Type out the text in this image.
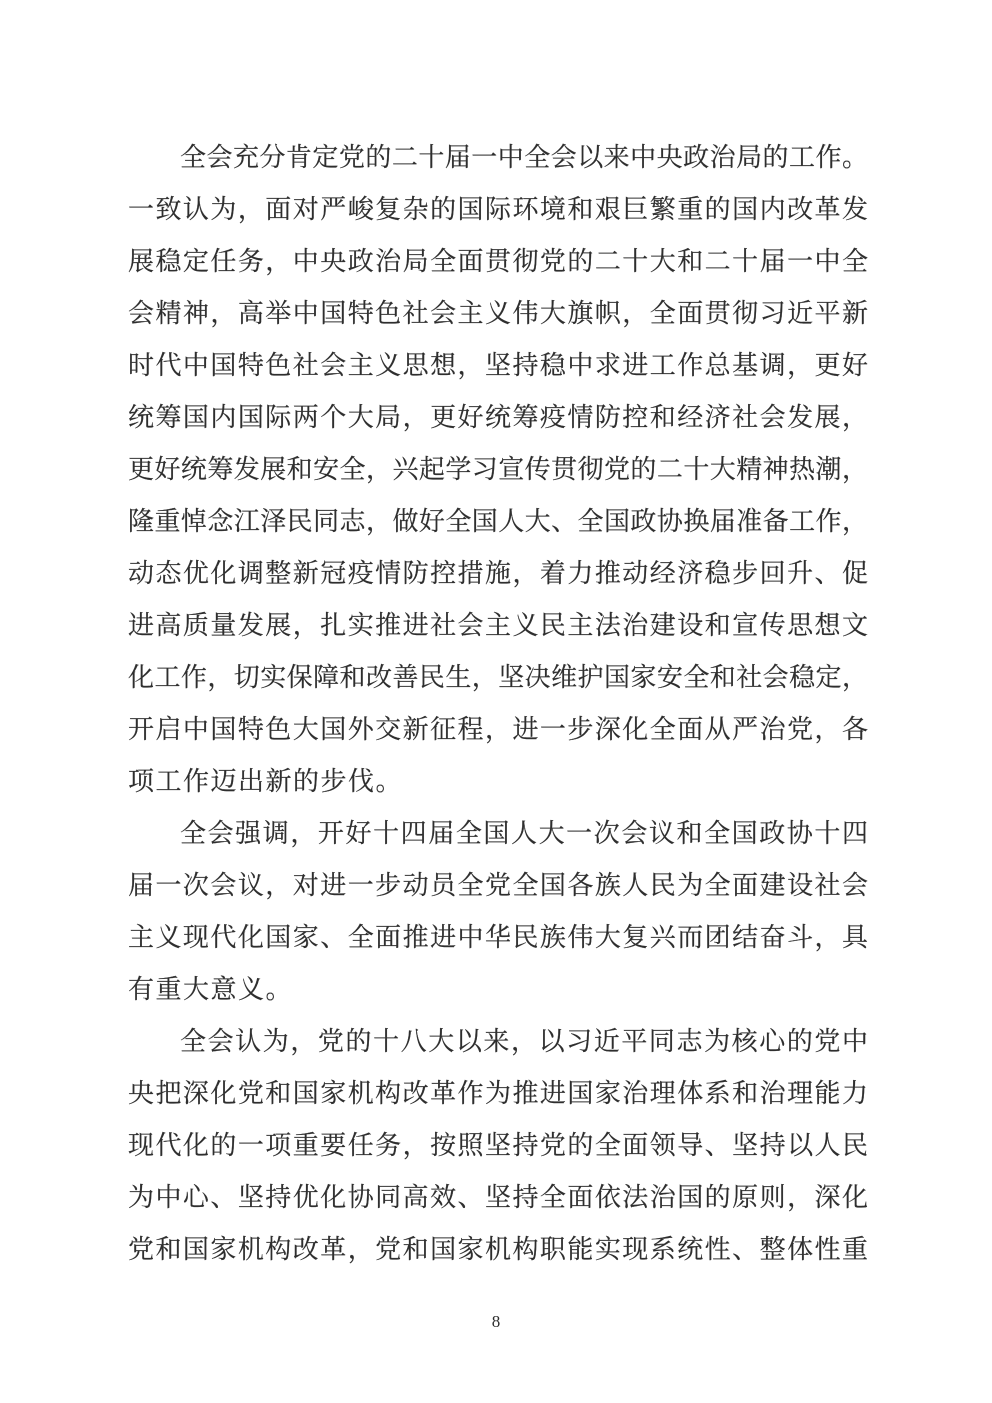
全会充分肯定党的二十届一中全会以来中央政治局的工作。
一致认为，面对严峻复杂的国际环境和艰巨繁重的国内改革发
展稳定任务，中央政治局全面贯彻党的二十大和二十届一中全
会精神，高举中国特色社会主义伟大旗帜，全面贯彻习近平新
时代中国特色社会主义思想，坚持稳中求进工作总基调，更好
统筹国内国际两个大局，更好统筹疫情防控和经济社会发展，
更好统筹发展和安全，兴起学习宣传贯彻党的二十大精神热潮，
隆重悼念江泽民同志，做好全国人大、全国政协换届准备工作，
动态优化调整新冠疫情防控措施，着力推动经济稳步回升、促
进高质量发展，扎实推进社会主义民主法治建设和宣传思想文
化工作，切实保障和改善民生，坚决维护国家安全和社会稳定，
开启中国特色大国外交新征程，进一步深化全面从严治党，各
项工作迈出新的步伐。
全会强调，开好十四届全国人大一次会议和全国政协十四
届一次会议，对进一步动员全党全国各族人民为全面建设社会
主义现代化国家、全面推进中华民族伟大复兴而团结奋斗，具
有重大意义。
全会认为，党的十八大以来，以习近平同志为核心的党中
央把深化党和国家机构改革作为推进国家治理体系和治理能力
现代化的一项重要任务，按照坚持党的全面领导、坚持以人民
为中心、坚持优化协同高效、坚持全面依法治国的原则，深化
党和国家机构改革，党和国家机构职能实现系统性、整体性重
8
